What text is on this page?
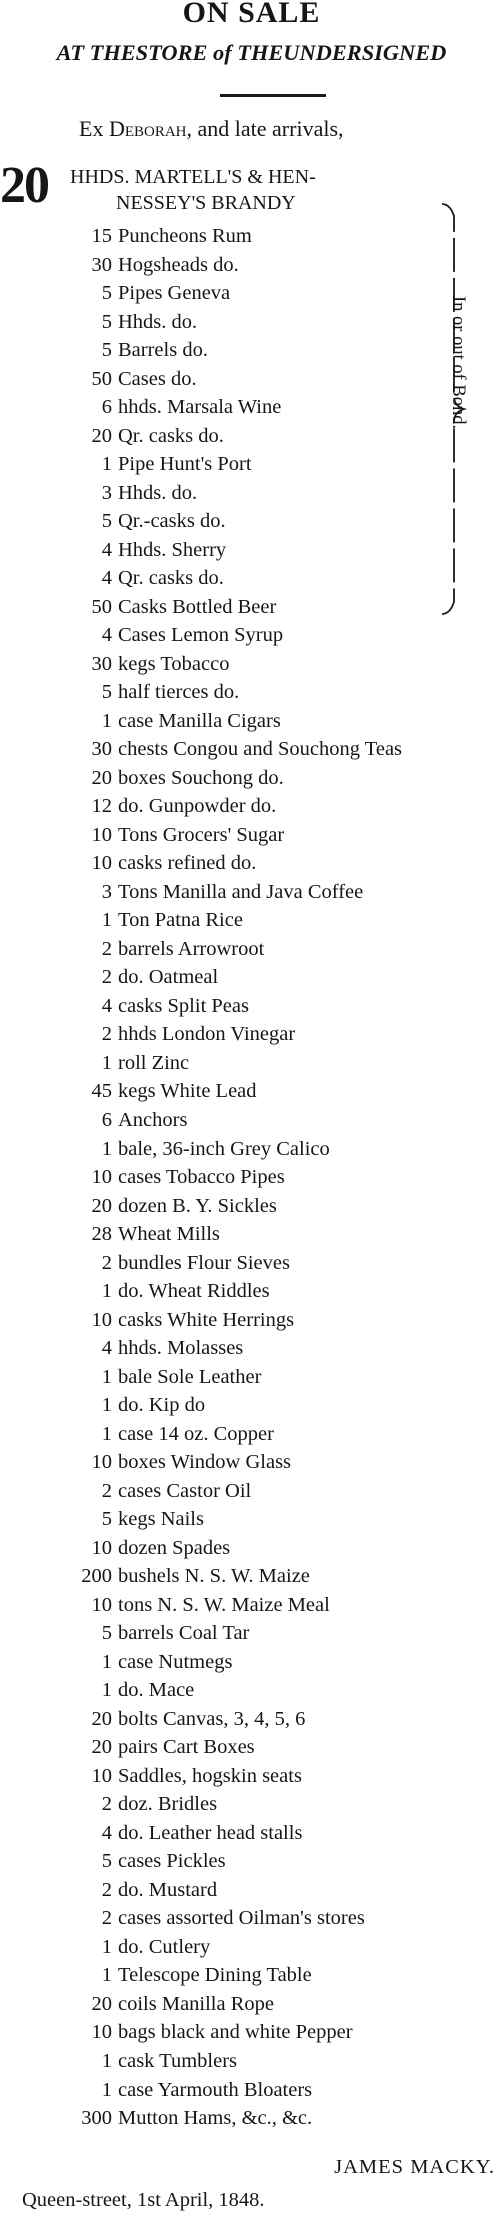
ON SALE
AT THESTORE of THEUNDERSIGNED
Ex Deborah, and late arrivals,
20 HHDS. MARTELL'S & HEN-
NESSEY'S BRANDY
15 Puncheons Rum
30 Hogsheads do.
5 Pipes Geneva
5 Hhds. do.
5 Barrels do.
50 Cases do.
6 hhds. Marsala Wine
20 Qr. casks do.
1 Pipe Hunt's Port
3 Hhds. do.
5 Qr.-casks do.
4 Hhds. Sherry
4 Qr. casks do.
50 Casks Bottled Beer
4 Cases Lemon Syrup
30 kegs Tobacco
5 half tierces do.
1 case Manilla Cigars
30 chests Congou and Souchong Teas
20 boxes Souchong do.
12 do. Gunpowder do.
10 Tons Grocers' Sugar
10 casks refined do.
3 Tons Manilla and Java Coffee
1 Ton Patna Rice
2 barrels Arrowroot
2 do. Oatmeal
4 casks Split Peas
2 hhds London Vinegar
1 roll Zinc
45 kegs White Lead
6 Anchors
1 bale, 36-inch Grey Calico
10 cases Tobacco Pipes
20 dozen B. Y. Sickles
28 Wheat Mills
2 bundles Flour Sieves
1 do. Wheat Riddles
10 casks White Herrings
4 hhds. Molasses
1 bale Sole Leather
1 do. Kip do
1 case 14 oz. Copper
10 boxes Window Glass
2 cases Castor Oil
5 kegs Nails
10 dozen Spades
200 bushels N. S. W. Maize
10 tons N. S. W. Maize Meal
5 barrels Coal Tar
1 case Nutmegs
1 do. Mace
20 bolts Canvas, 3, 4, 5, 6
20 pairs Cart Boxes
10 Saddles, hogskin seats
2 doz. Bridles
4 do. Leather head stalls
5 cases Pickles
2 do. Mustard
2 cases assorted Oilman's stores
1 do. Cutlery
1 Telescope Dining Table
20 coils Manilla Rope
10 bags black and white Pepper
1 cask Tumblers
1 case Yarmouth Bloaters
300 Mutton Hams, &c., &c.
In or out of Bond.
JAMES MACKY.
Queen-street, 1st April, 1848.
